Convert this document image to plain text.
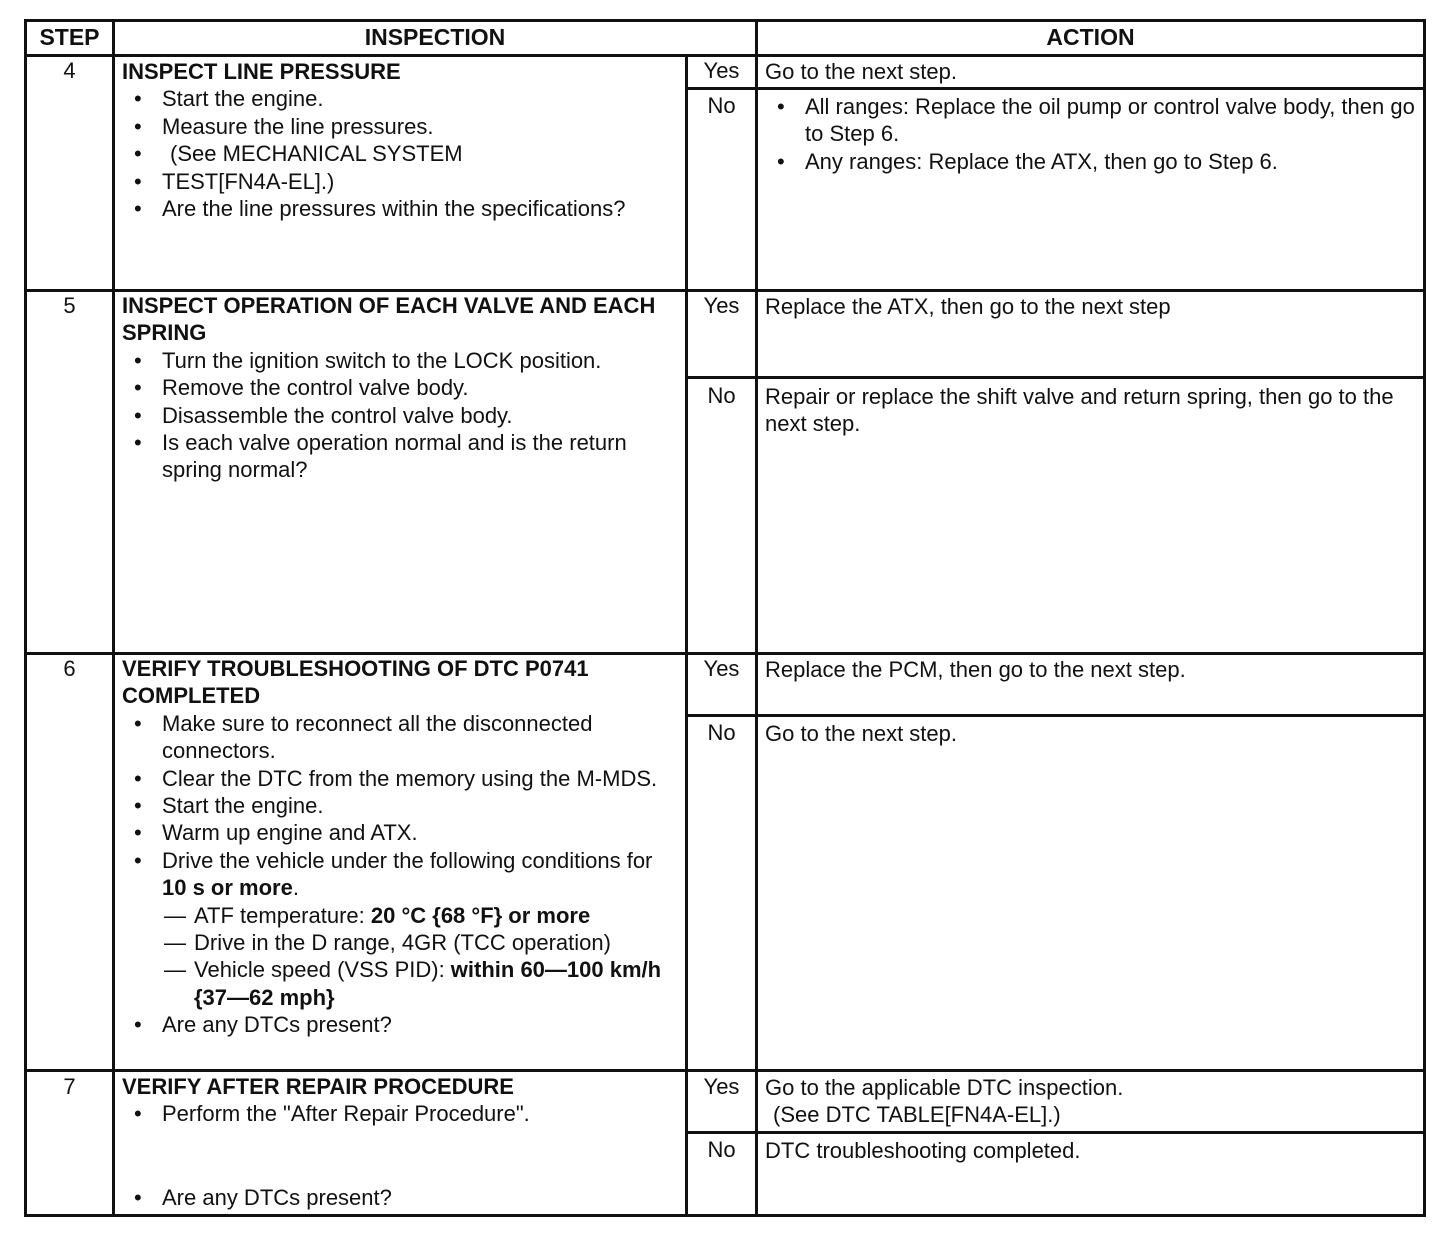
STEP	INSPECTION	ACTION
4	INSPECT LINE PRESSURE
• Start the engine.
• Measure the line pressures.
• (See MECHANICAL SYSTEM
• TEST[FN4A-EL].)
• Are the line pressures within the specifications?
Yes	Go to the next step.
No
•	All ranges: Replace the oil pump or control valve body, then go to Step 6.
• Any ranges: Replace the ATX, then go to Step 6.
5	INSPECT OPERATION OF EACH VALVE AND EACH SPRING
• Turn the ignition switch to the LOCK position.
• Remove the control valve body.
• Disassemble the control valve body.
• Is each valve operation normal and is the return spring normal?
Yes	Replace the ATX, then go to the next step
No	Repair or replace the shift valve and return spring, then go to the next step.
6	VERIFY TROUBLESHOOTING OF DTC P0741 COMPLETED
• Make sure to reconnect all the disconnected connectors.
• Clear the DTC from the memory using the M-MDS.
• Start the engine.
• Warm up engine and ATX.
• Drive the vehicle under the following conditions for 10 s or more.
— ATF temperature: 20 °C {68 °F} or more
— Drive in the D range, 4GR (TCC operation)
— Vehicle speed (VSS PID): within 60—100 km/h {37—62 mph}
• Are any DTCs present?
Yes	Replace the PCM, then go to the next step.
No	Go to the next step.
7	VERIFY AFTER REPAIR PROCEDURE
• Perform the "After Repair Procedure".
• Are any DTCs present?
Yes	Go to the applicable DTC inspection.
(See DTC TABLE[FN4A-EL].)
No	DTC troubleshooting completed.
